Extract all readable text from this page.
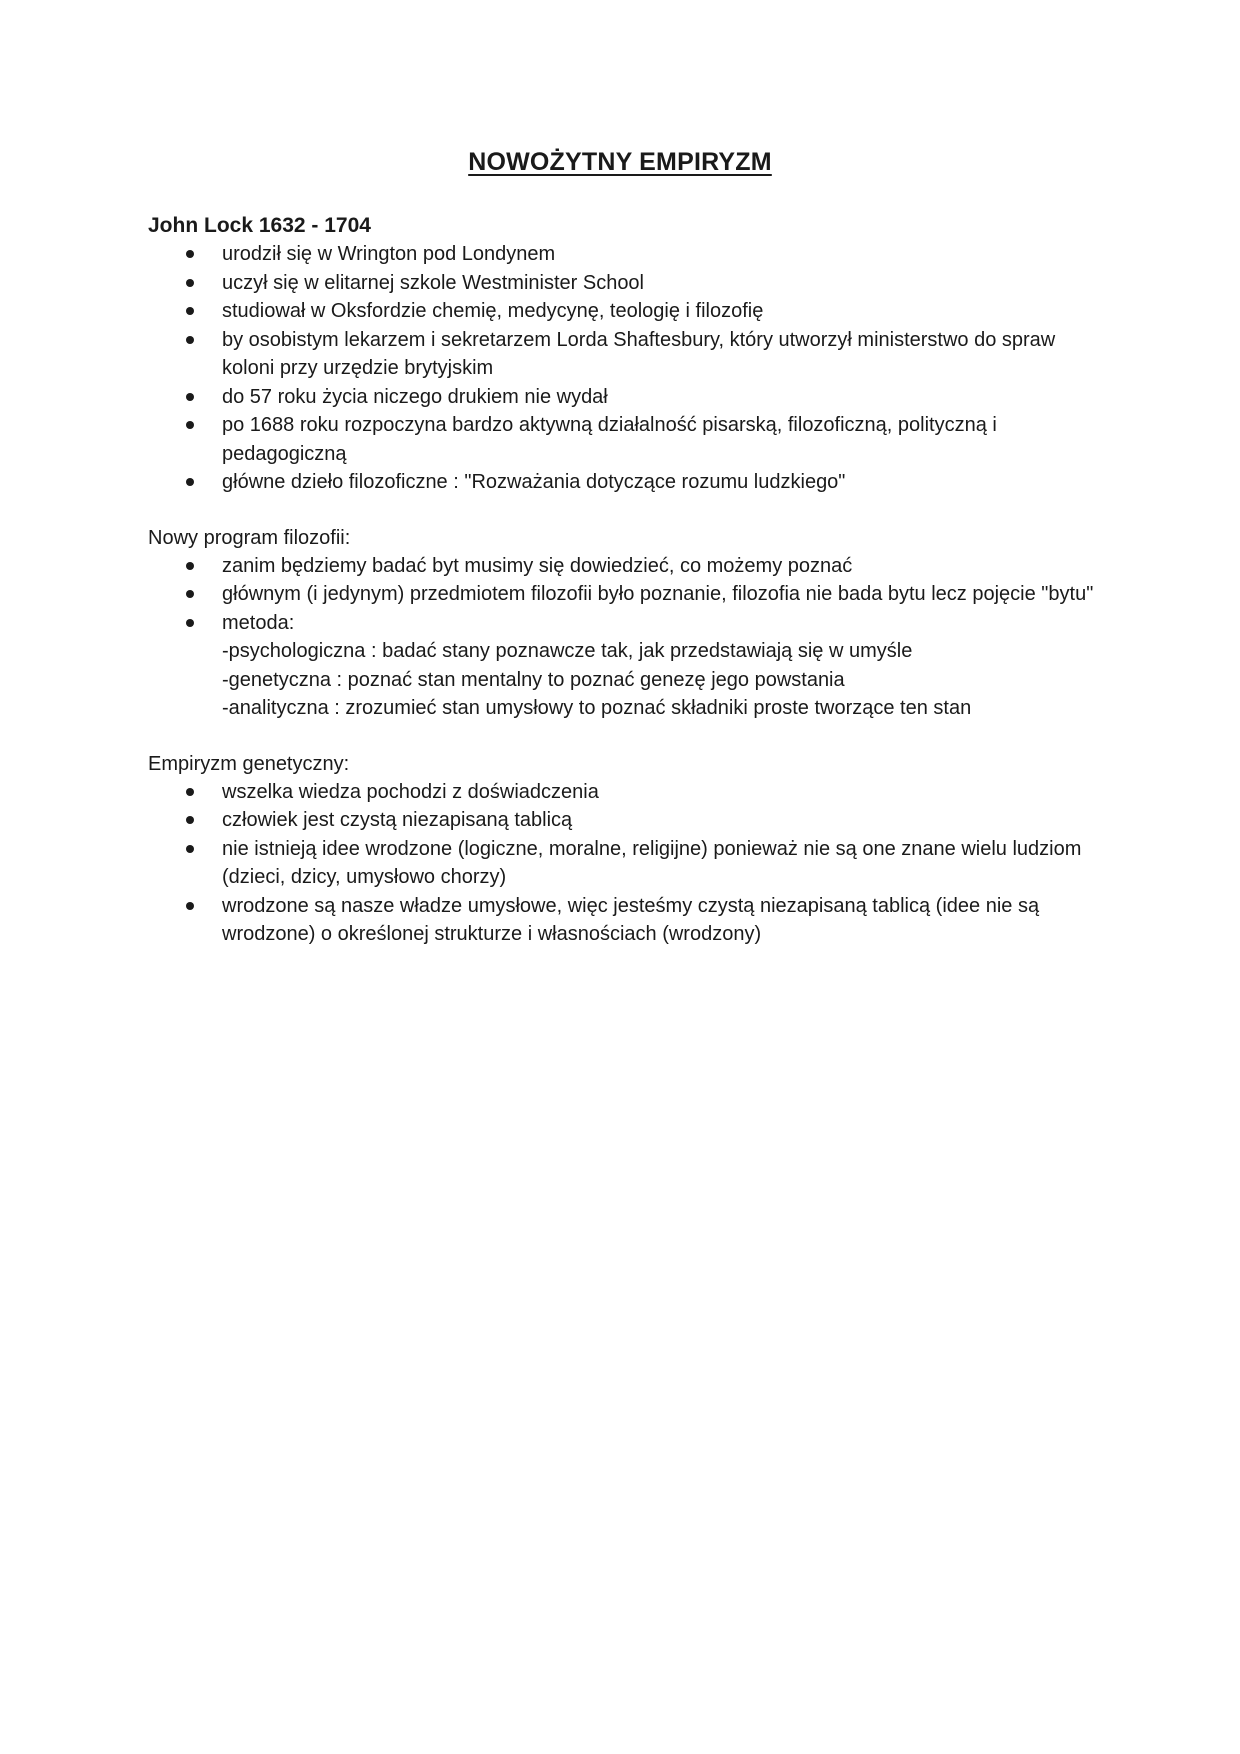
NOWOŻYTNY EMPIRYZM

John Lock 1632 - 1704

urodził się w Wrington pod Londynem
uczył się w elitarnej szkole Westminister School
studiował w Oksfordzie chemię, medycynę, teologię i filozofię
by osobistym lekarzem i sekretarzem Lorda Shaftesbury, który utworzył ministerstwo do spraw koloni przy urzędzie brytyjskim
do 57 roku życia niczego drukiem nie wydał
po 1688 roku rozpoczyna bardzo aktywną działalność pisarską, filozoficzną, polityczną i pedagogiczną
główne dzieło filozoficzne : "Rozważania dotyczące rozumu ludzkiego"

Nowy program filozofii:

zanim będziemy badać byt musimy się dowiedzieć, co możemy poznać
głównym (i jedynym) przedmiotem filozofii było poznanie, filozofia nie bada bytu lecz pojęcie "bytu"
metoda:
-psychologiczna : badać stany poznawcze tak, jak przedstawiają się w umyśle
-genetyczna : poznać stan mentalny to poznać genezę jego powstania
-analityczna : zrozumieć stan umysłowy to poznać składniki proste tworzące ten stan

Empiryzm genetyczny:

wszelka wiedza pochodzi z doświadczenia
człowiek jest czystą niezapisaną tablicą
nie istnieją idee wrodzone (logiczne, moralne, religijne) ponieważ nie są one znane wielu ludziom (dzieci, dzicy, umysłowo chorzy)
wrodzone są nasze władze umysłowe, więc jesteśmy czystą niezapisaną tablicą (idee nie są wrodzone) o określonej strukturze i własnościach (wrodzony)
